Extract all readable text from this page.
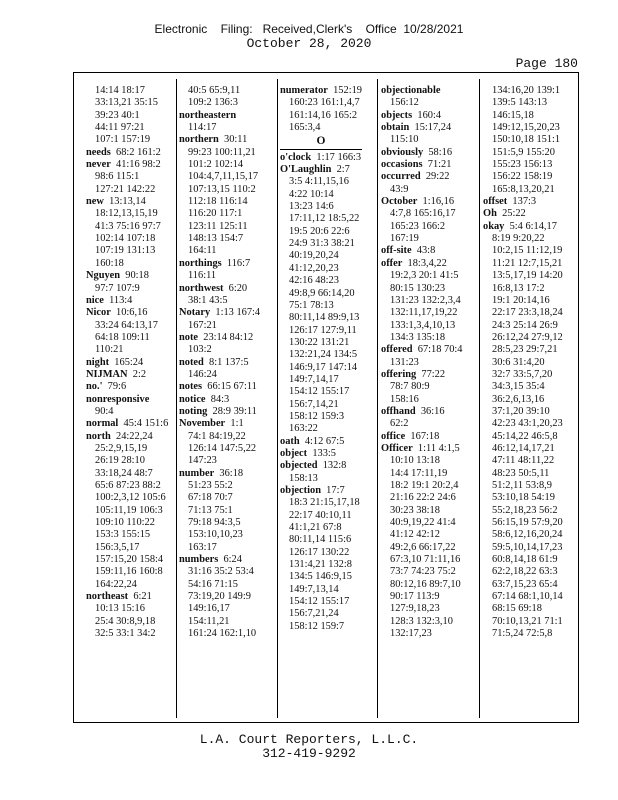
Electronic    Filing:   Received,Clerk's    Office  10/28/2021
October 28, 2020
Page 180
14:14 18:17
33:13,21 35:15
39:23 40:1
44:11 97:21
107:1 157:19
needs  68:2 161:2
never  41:16 98:2
98:6 115:1
127:21 142:22
new  13:13,14
18:12,13,15,19
41:3 75:16 97:7
102:14 107:18
107:19 131:13
160:18
Nguyen  90:18
97:7 107:9
nice  113:4
Nicor  10:6,16
33:24 64:13,17
64:18 109:11
110:21
night  165:24
NIJMAN  2:2
no.'  79:6
nonresponsive
90:4
normal  45:4 151:6
north  24:22,24
25:2,9,15,19
26:19 28:10
33:18,24 48:7
65:6 87:23 88:2
100:2,3,12 105:6
105:11,19 106:3
109:10 110:22
153:3 155:15
156:3,5,17
157:15,20 158:4
159:11,16 160:8
164:22,24
northeast  6:21
10:13 15:16
25:4 30:8,9,18
32:5 33:1 34:2
40:5 65:9,11
109:2 136:3
northeastern
114:17
northern  30:11
99:23 100:11,21
101:2 102:14
104:4,7,11,15,17
107:13,15 110:2
112:18 116:14
116:20 117:1
123:11 125:11
148:13 154:7
164:11
northings  116:7
116:11
northwest  6:20
38:1 43:5
Notary  1:13 167:4
167:21
note  23:14 84:12
103:2
noted  8:1 137:5
146:24
notes  66:15 67:11
notice  84:3
noting  28:9 39:11
November  1:1
74:1 84:19,22
126:14 147:5,22
147:23
number  36:18
51:23 55:2
67:18 70:7
71:13 75:1
79:18 94:3,5
153:10,10,23
163:17
numbers  6:24
31:16 35:2 53:4
54:16 71:15
73:19,20 149:9
149:16,17
154:11,21
161:24 162:1,10
numerator  152:19
160:23 161:1,4,7
161:14,16 165:2
165:3,4
O
o'clock  1:17 166:3
O'Laughlin  2:7
3:5 4:11,15,16
4:22 10:14
13:23 14:6
17:11,12 18:5,22
19:5 20:6 22:6
24:9 31:3 38:21
40:19,20,24
41:12,20,23
42:16 48:23
49:8,9 66:14,20
75:1 78:13
80:11,14 89:9,13
126:17 127:9,11
130:22 131:21
132:21,24 134:5
146:9,17 147:14
149:7,14,17
154:12 155:17
156:7,14,21
158:12 159:3
163:22
oath  4:12 67:5
object  133:5
objected  132:8
158:13
objection  17:7
18:3 21:15,17,18
22:17 40:10,11
41:1,21 67:8
80:11,14 115:6
126:17 130:22
131:4,21 132:8
134:5 146:9,15
149:7,13,14
154:12 155:17
156:7,21,24
158:12 159:7
objectionable
156:12
objects  160:4
obtain  15:17,24
115:10
obviously  58:16
occasions  71:21
occurred  29:22
43:9
October  1:16,16
4:7,8 165:16,17
165:23 166:2
167:19
off-site  43:8
offer  18:3,4,22
19:2,3 20:1 41:5
80:15 130:23
131:23 132:2,3,4
132:11,17,19,22
133:1,3,4,10,13
134:3 135:18
offered  67:18 70:4
131:23
offering  77:22
78:7 80:9
158:16
offhand  36:16
62:2
office  167:18
Officer  1:11 4:1,5
10:10 13:18
14:4 17:11,19
18:2 19:1 20:2,4
21:16 22:2 24:6
30:23 38:18
40:9,19,22 41:4
41:12 42:12
49:2,6 66:17,22
67:3,10 71:11,16
73:7 74:23 75:2
80:12,16 89:7,10
90:17 113:9
127:9,18,23
128:3 132:3,10
132:17,23
134:16,20 139:1
139:5 143:13
146:15,18
149:12,15,20,23
150:10,18 151:1
151:5,9 155:20
155:23 156:13
156:22 158:19
165:8,13,20,21
offset  137:3
Oh  25:22
okay  5:4 6:14,17
8:19 9:20,22
10:2,15 11:12,19
11:21 12:7,15,21
13:5,17,19 14:20
16:8,13 17:2
19:1 20:14,16
22:17 23:3,18,24
24:3 25:14 26:9
26:12,24 27:9,12
28:5,23 29:7,21
30:6 31:4,20
32:7 33:5,7,20
34:3,15 35:4
36:2,6,13,16
37:1,20 39:10
42:23 43:1,20,23
45:14,22 46:5,8
46:12,14,17,21
47:11 48:11,22
48:23 50:5,11
51:2,11 53:8,9
53:10,18 54:19
55:2,18,23 56:2
56:15,19 57:9,20
58:6,12,16,20,24
59:5,10,14,17,23
60:8,14,18 61:9
62:2,18,22 63:3
63:7,15,23 65:4
67:14 68:1,10,14
68:15 69:18
70:10,13,21 71:1
71:5,24 72:5,8
L.A. Court Reporters, L.L.C.
312-419-9292
